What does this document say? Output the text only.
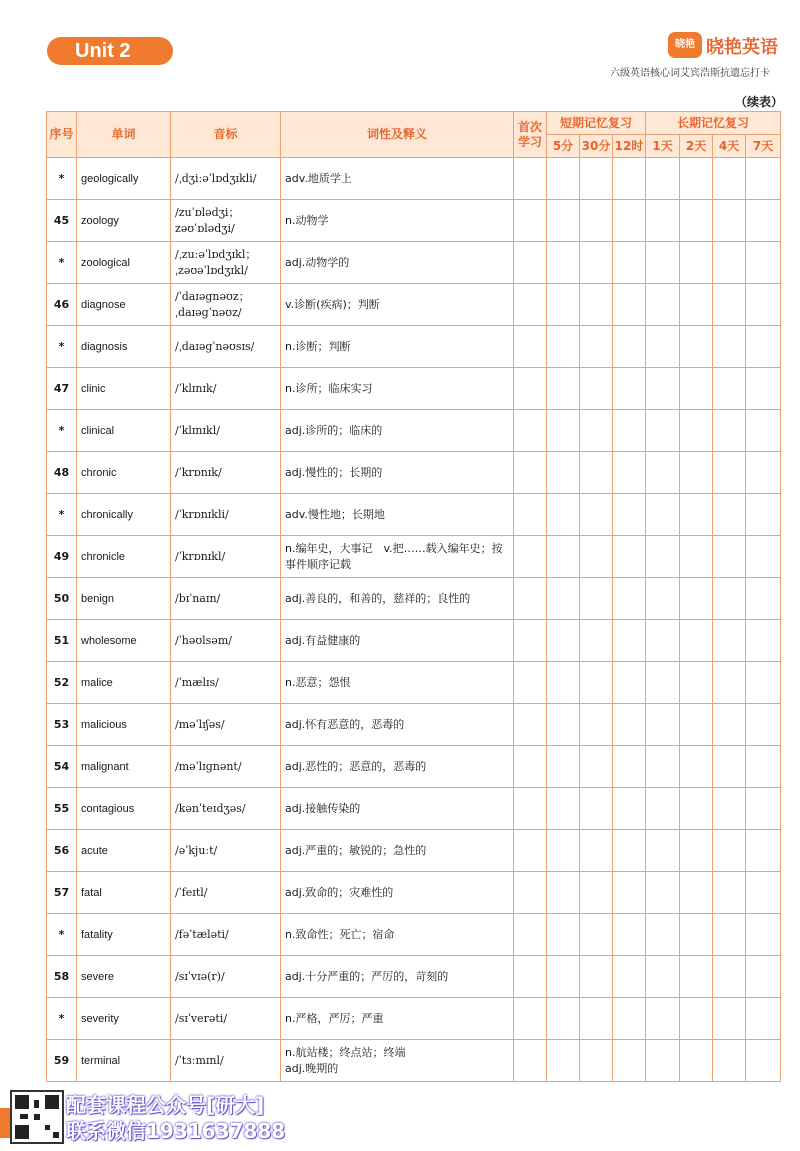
Unit 2	晓艳 晓艳英语
六级英语核心词艾宾浩斯抗遗忘打卡
（续表）
序号	单词	音标	词性及释义	首次学习	短期记忆复习			长期记忆复习			
					5分	30分	12时	1天	2天	4天	7天
*	geologically	/ˌdʒiːəˈlɒdʒɪkli/	adv.地质学上								
45	zoology	/zuˈɒlədʒi；
zəʊˈɒlədʒi/	n.动物学								
*	zoological	/ˌzuːəˈlɒdʒɪkl；
ˌzəʊəˈlɒdʒɪkl/	adj.动物学的								
46	diagnose	/ˈdaɪəgnəʊz；
ˌdaɪəgˈnəʊz/	v.诊断(疾病)；判断								
*	diagnosis	/ˌdaɪəgˈnəʊsɪs/	n.诊断；判断								
47	clinic	/ˈklɪnɪk/	n.诊所；临床实习								
*	clinical	/ˈklɪnɪkl/	adj.诊所的；临床的								
48	chronic	/ˈkrɒnɪk/	adj.慢性的；长期的								
*	chronically	/ˈkrɒnɪkli/	adv.慢性地；长期地								
49	chronicle	/ˈkrɒnɪkl/	n.编年史，大事记　v.把……载入编年史；按事件顺序记载								
50	benign	/bɪˈnaɪn/	adj.善良的，和善的，慈祥的；良性的								
51	wholesome	/ˈhəʊlsəm/	adj.有益健康的								
52	malice	/ˈmælɪs/	n.恶意；怨恨								
53	malicious	/məˈlɪʃəs/	adj.怀有恶意的，恶毒的								
54	malignant	/məˈlɪgnənt/	adj.恶性的；恶意的，恶毒的								
55	contagious	/kənˈteɪdʒəs/	adj.接触传染的								
56	acute	/əˈkjuːt/	adj.严重的；敏锐的；急性的								
57	fatal	/ˈfeɪtl/	adj.致命的；灾难性的								
*	fatality	/fəˈtæləti/	n.致命性；死亡；宿命								
58	severe	/sɪˈvɪə(r)/	adj.十分严重的；严厉的，苛刻的								
*	severity	/sɪˈverəti/	n.严格，严厉；严重								
59	terminal	/ˈtɜːmɪnl/	n.航站楼；终点站；终端
adj.晚期的								
配套课程公众号[研大]
联系微信1931637888
